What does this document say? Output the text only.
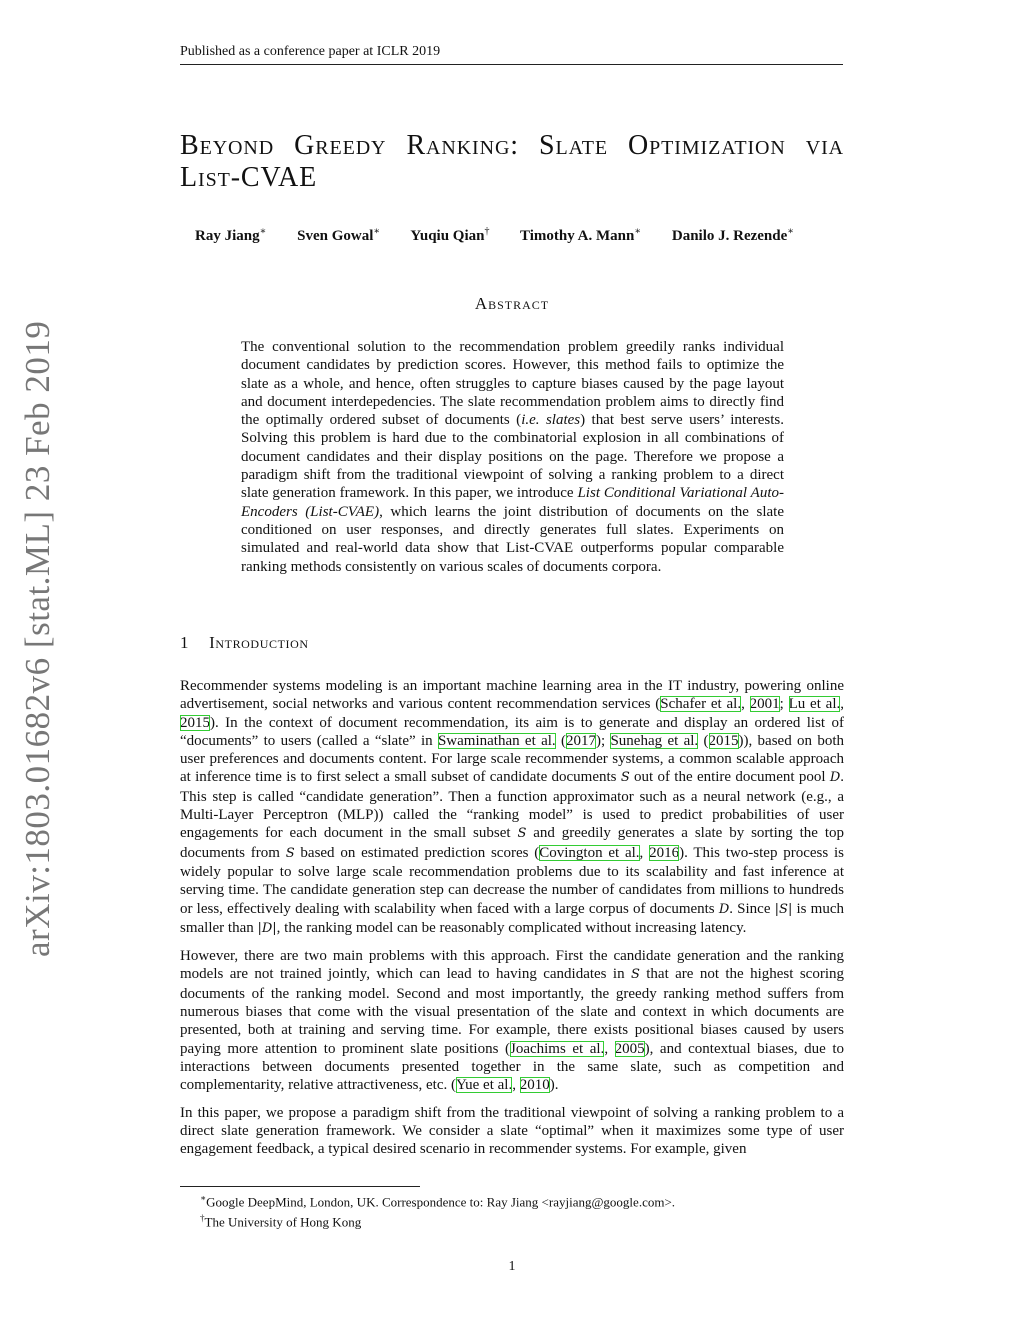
Published as a conference paper at ICLR 2019
arXiv:1803.01682v6 [stat.ML] 23 Feb 2019
Beyond Greedy Ranking: Slate Optimization via List-CVAE
Ray Jiang∗ Sven Gowal∗ Yuqiu Qian† Timothy A. Mann∗ Danilo J. Rezende∗
Abstract

The conventional solution to the recommendation problem greedily ranks individual document candidates by prediction scores. However, this method fails to optimize the slate as a whole, and hence, often struggles to capture biases caused by the page layout and document interdepedencies. The slate recommendation problem aims to directly find the optimally ordered subset of documents (i.e. slates) that best serve users’ interests. Solving this problem is hard due to the combinatorial explosion in all combinations of document candidates and their display positions on the page. Therefore we propose a paradigm shift from the traditional viewpoint of solving a ranking problem to a direct slate generation framework. In this paper, we introduce List Conditional Variational Auto-Encoders (List-CVAE), which learns the joint distribution of documents on the slate conditioned on user responses, and directly generates full slates. Experiments on simulated and real-world data show that List-CVAE outperforms popular comparable ranking methods consistently on various scales of documents corpora.

1 Introduction

Recommender systems modeling is an important machine learning area in the IT industry, powering online advertisement, social networks and various content recommendation services (Schafer et al., 2001; Lu et al., 2015). In the context of document recommendation, its aim is to generate and display an ordered list of “documents” to users (called a “slate” in Swaminathan et al. (2017); Sunehag et al. (2015)), based on both user preferences and documents content. For large scale recommender systems, a common scalable approach at inference time is to first select a small subset of candidate documents S out of the entire document pool D. This step is called “candidate generation”. Then a function approximator such as a neural network (e.g., a Multi-Layer Perceptron (MLP)) called the “ranking model” is used to predict probabilities of user engagements for each document in the small subset S and greedily generates a slate by sorting the top documents from S based on estimated prediction scores (Covington et al., 2016). This two-step process is widely popular to solve large scale recommendation problems due to its scalability and fast inference at serving time. The candidate generation step can decrease the number of candidates from millions to hundreds or less, effectively dealing with scalability when faced with a large corpus of documents D. Since |S| is much smaller than |D|, the ranking model can be reasonably complicated without increasing latency.

However, there are two main problems with this approach. First the candidate generation and the ranking models are not trained jointly, which can lead to having candidates in S that are not the highest scoring documents of the ranking model. Second and most importantly, the greedy ranking method suffers from numerous biases that come with the visual presentation of the slate and context in which documents are presented, both at training and serving time. For example, there exists positional biases caused by users paying more attention to prominent slate positions (Joachims et al., 2005), and contextual biases, due to interactions between documents presented together in the same slate, such as competition and complementarity, relative attractiveness, etc. (Yue et al., 2010).

In this paper, we propose a paradigm shift from the traditional viewpoint of solving a ranking problem to a direct slate generation framework. We consider a slate “optimal” when it maximizes some type of user engagement feedback, a typical desired scenario in recommender systems. For example, given

∗Google DeepMind, London, UK. Correspondence to: Ray Jiang <rayjiang@google.com>.
†The University of Hong Kong
1
